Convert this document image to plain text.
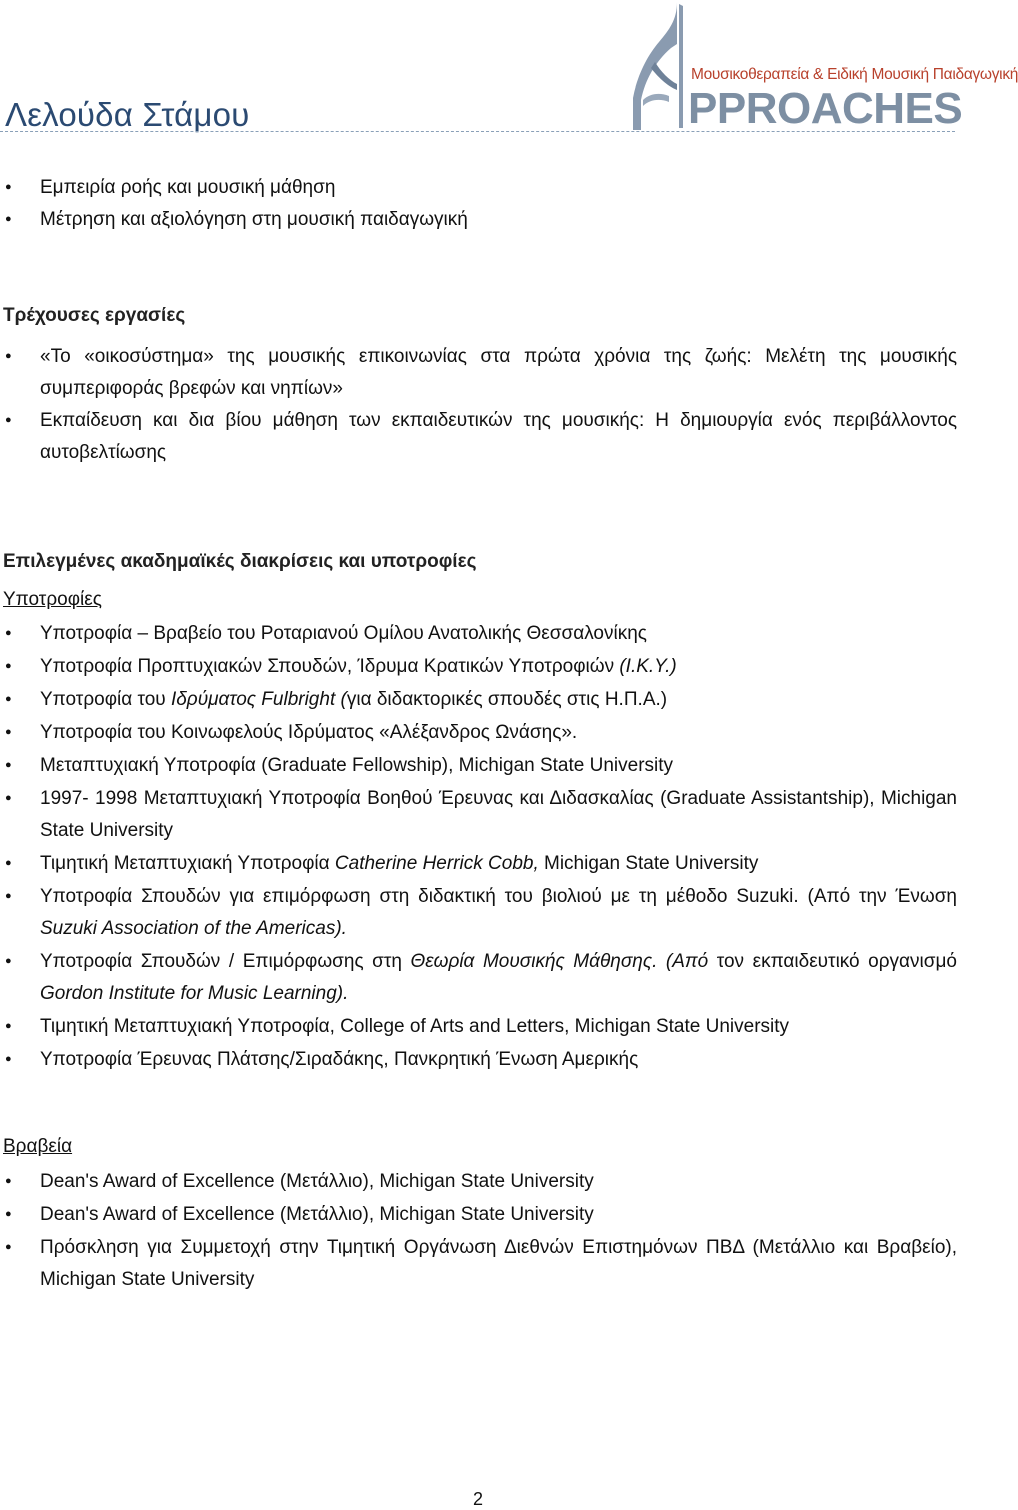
Μουσικοθεραπεία & Ειδική Μουσική Παιδαγωγική
PPROACHES
Λελούδα Στάμου
●
Εμπειρία ροής και μουσική μάθηση
●
Μέτρηση και αξιολόγηση στη μουσική παιδαγωγική
Τρέχουσες εργασίες
●
«Το «οικοσύστημα» της μουσικής επικοινωνίας στα πρώτα χρόνια της ζωής: Μελέτη της μουσικής συμπεριφοράς βρεφών και νηπίων»
●
Εκπαίδευση και δια βίου μάθηση των εκπαιδευτικών της μουσικής: Η δημιουργία ενός περιβάλλοντος αυτοβελτίωσης
Επιλεγμένες ακαδημαϊκές διακρίσεις και υποτροφίες
Υποτροφίες
●
Υποτροφία – Βραβείο του Ροταριανού Ομίλου Ανατολικής Θεσσαλονίκης
●
Υποτροφία Προπτυχιακών Σπουδών, Ίδρυμα Κρατικών Υποτροφιών (Ι.Κ.Υ.)
●
Υποτροφία του Ιδρύματος Fulbright (για διδακτορικές σπουδές στις Η.Π.Α.)
●
Υποτροφία του Κοινωφελούς Ιδρύματος «Αλέξανδρος Ωνάσης».
●
Μεταπτυχιακή Υποτροφία (Graduate Fellowship), Michigan State University
●
1997- 1998 Μεταπτυχιακή Υποτροφία Βοηθού Έρευνας και Διδασκαλίας (Graduate Assistantship), Michigan State University
●
Τιμητική Μεταπτυχιακή Υποτροφία Catherine Herrick Cobb, Michigan State University
●
Υποτροφία Σπουδών για επιμόρφωση στη διδακτική του βιολιού με τη μέθοδο Suzuki. (Από την Ένωση Suzuki Association of the Americas).
●
Υποτροφία Σπουδών / Επιμόρφωσης στη Θεωρία Μουσικής Μάθησης. (Από τον εκπαιδευτικό οργανισμό Gordon Institute for Music Learning).
●
Τιμητική Μεταπτυχιακή Υποτροφία, College of Arts and Letters, Michigan State University
●
Υποτροφία Έρευνας Πλάτσης/Σιραδάκης, Πανκρητική Ένωση Αμερικής
Βραβεία
●
Dean's Award of Excellence (Μετάλλιο), Michigan State University
●
Dean's Award of Excellence (Μετάλλιο), Michigan State University
●
Πρόσκληση για Συμμετοχή στην Τιμητική Οργάνωση Διεθνών Επιστημόνων ΠΒΔ (Μετάλλιο και Βραβείο), Michigan State University
2
